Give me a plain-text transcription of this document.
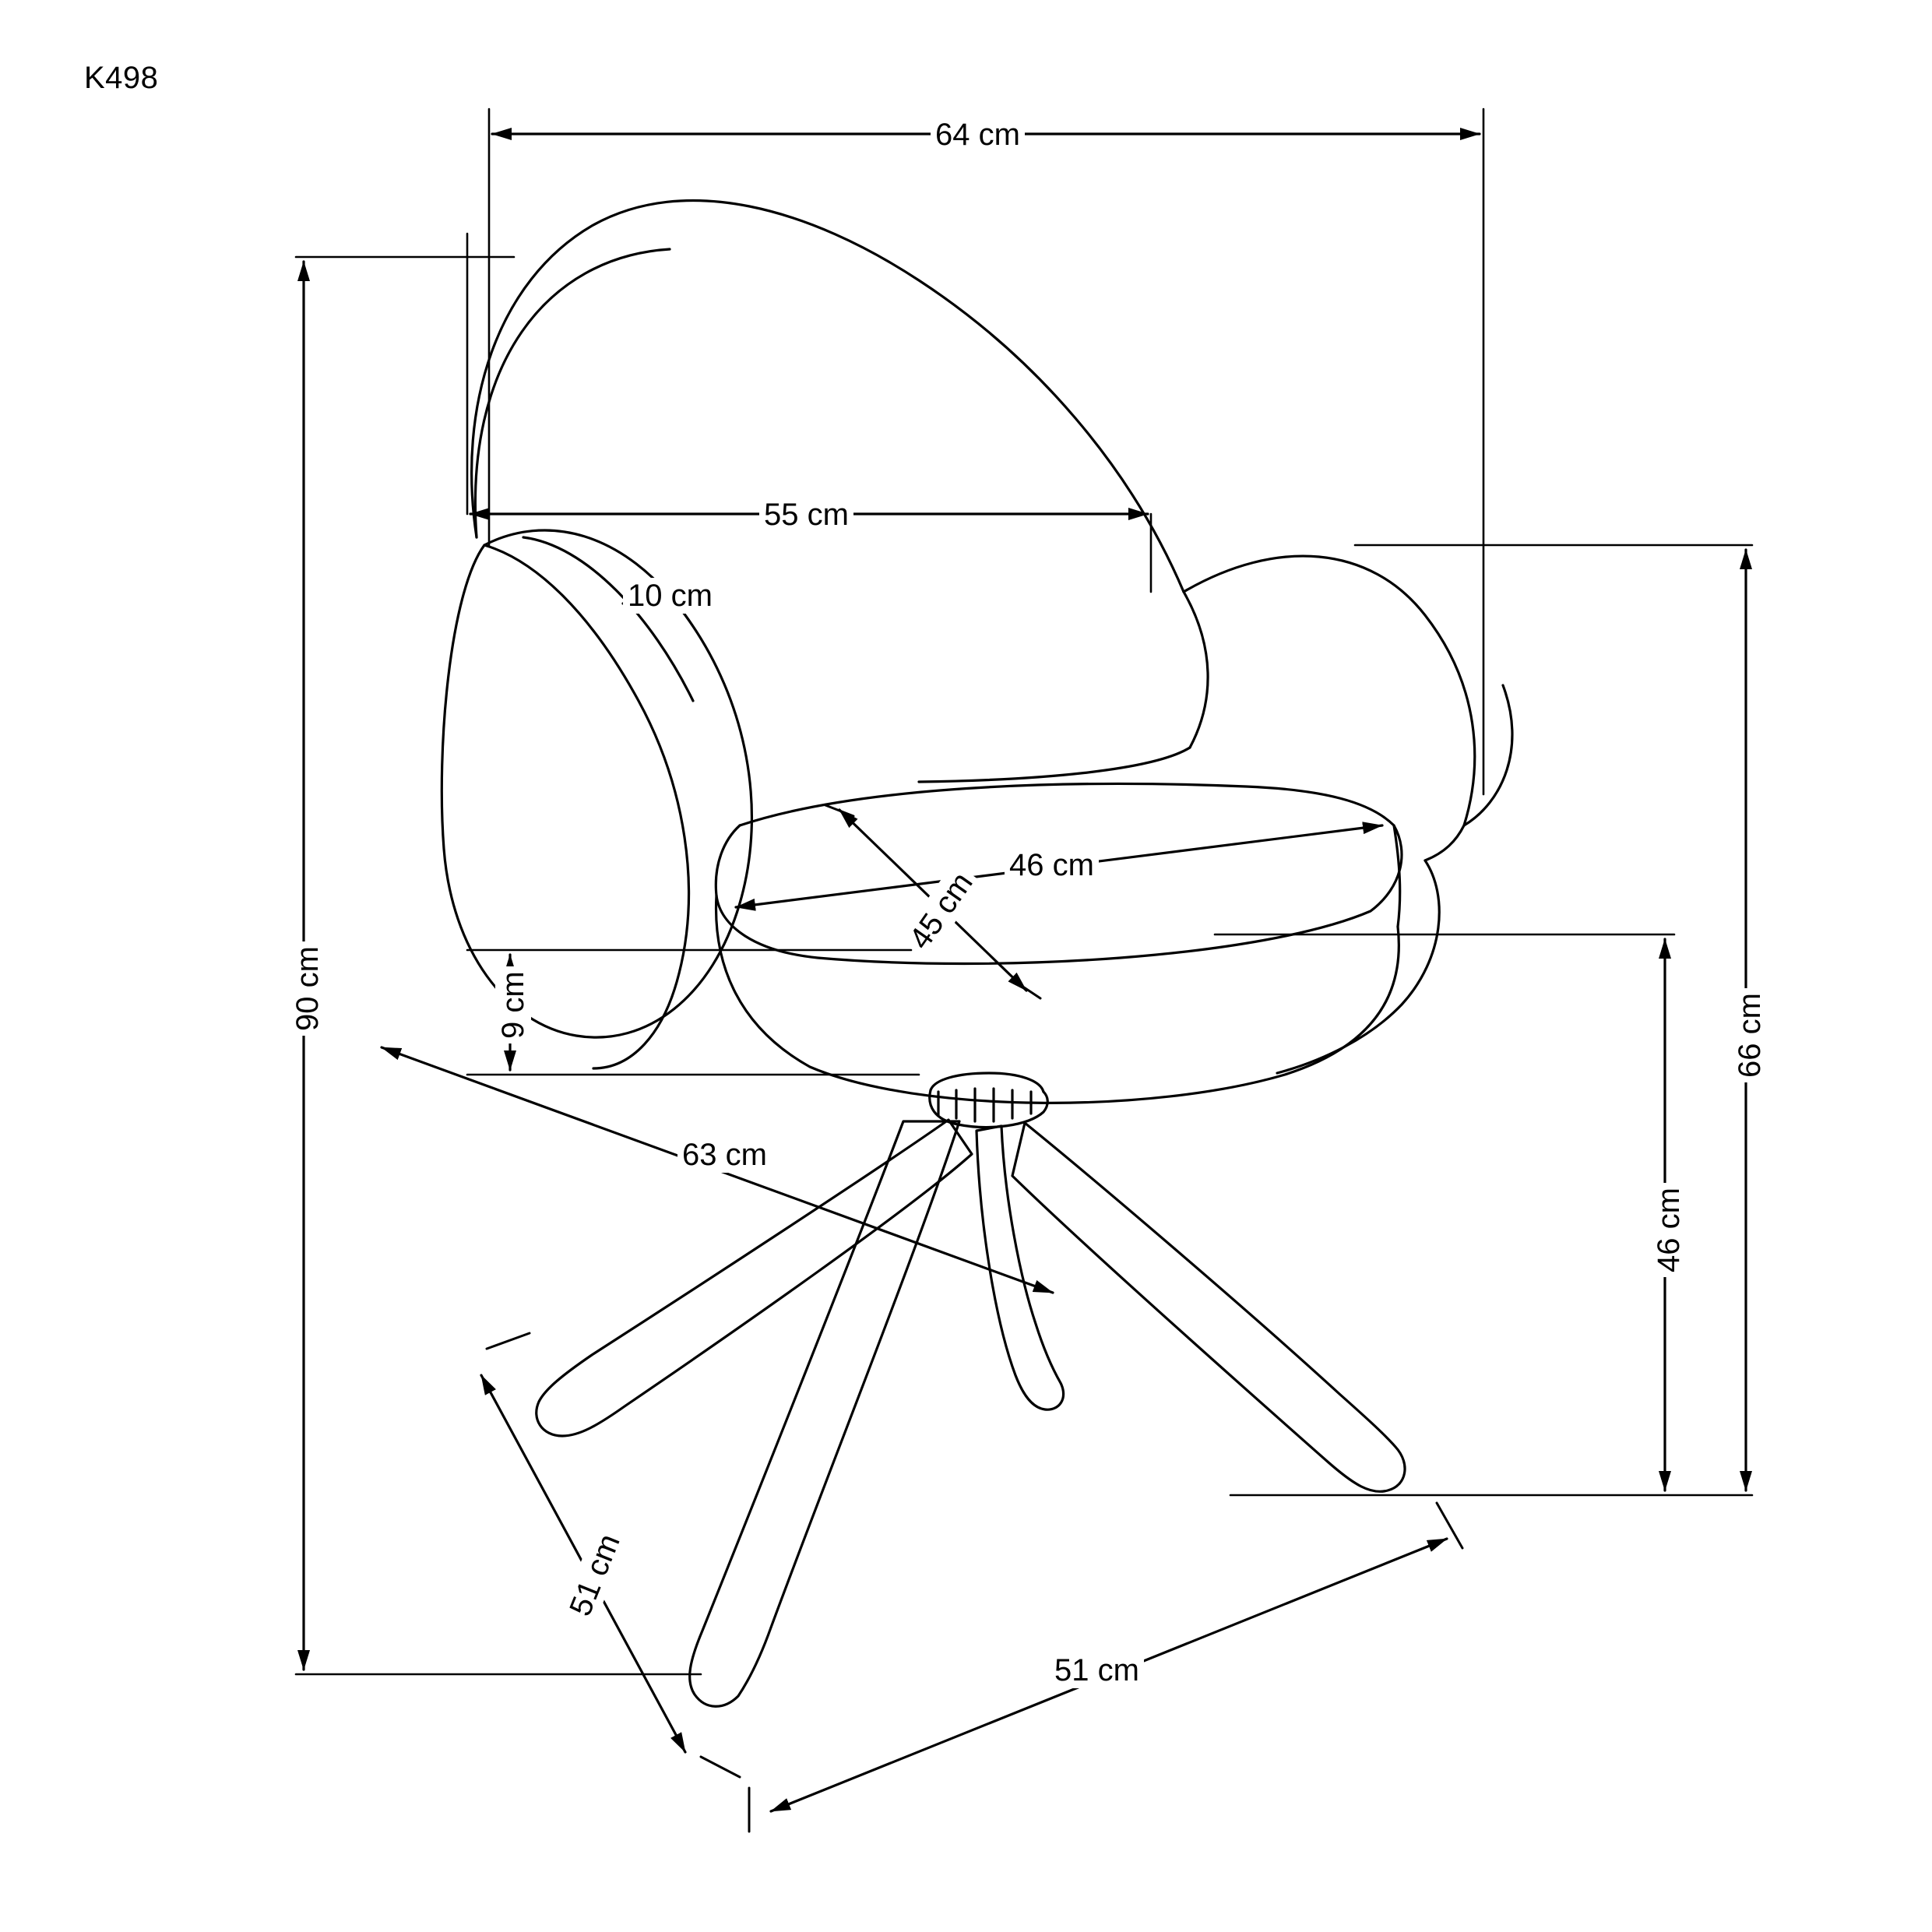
K498
64 cm
55 cm
10 cm
46 cm
45 cm
9 cm
90 cm
66 cm
46 cm
63 cm
51 cm
51 cm
